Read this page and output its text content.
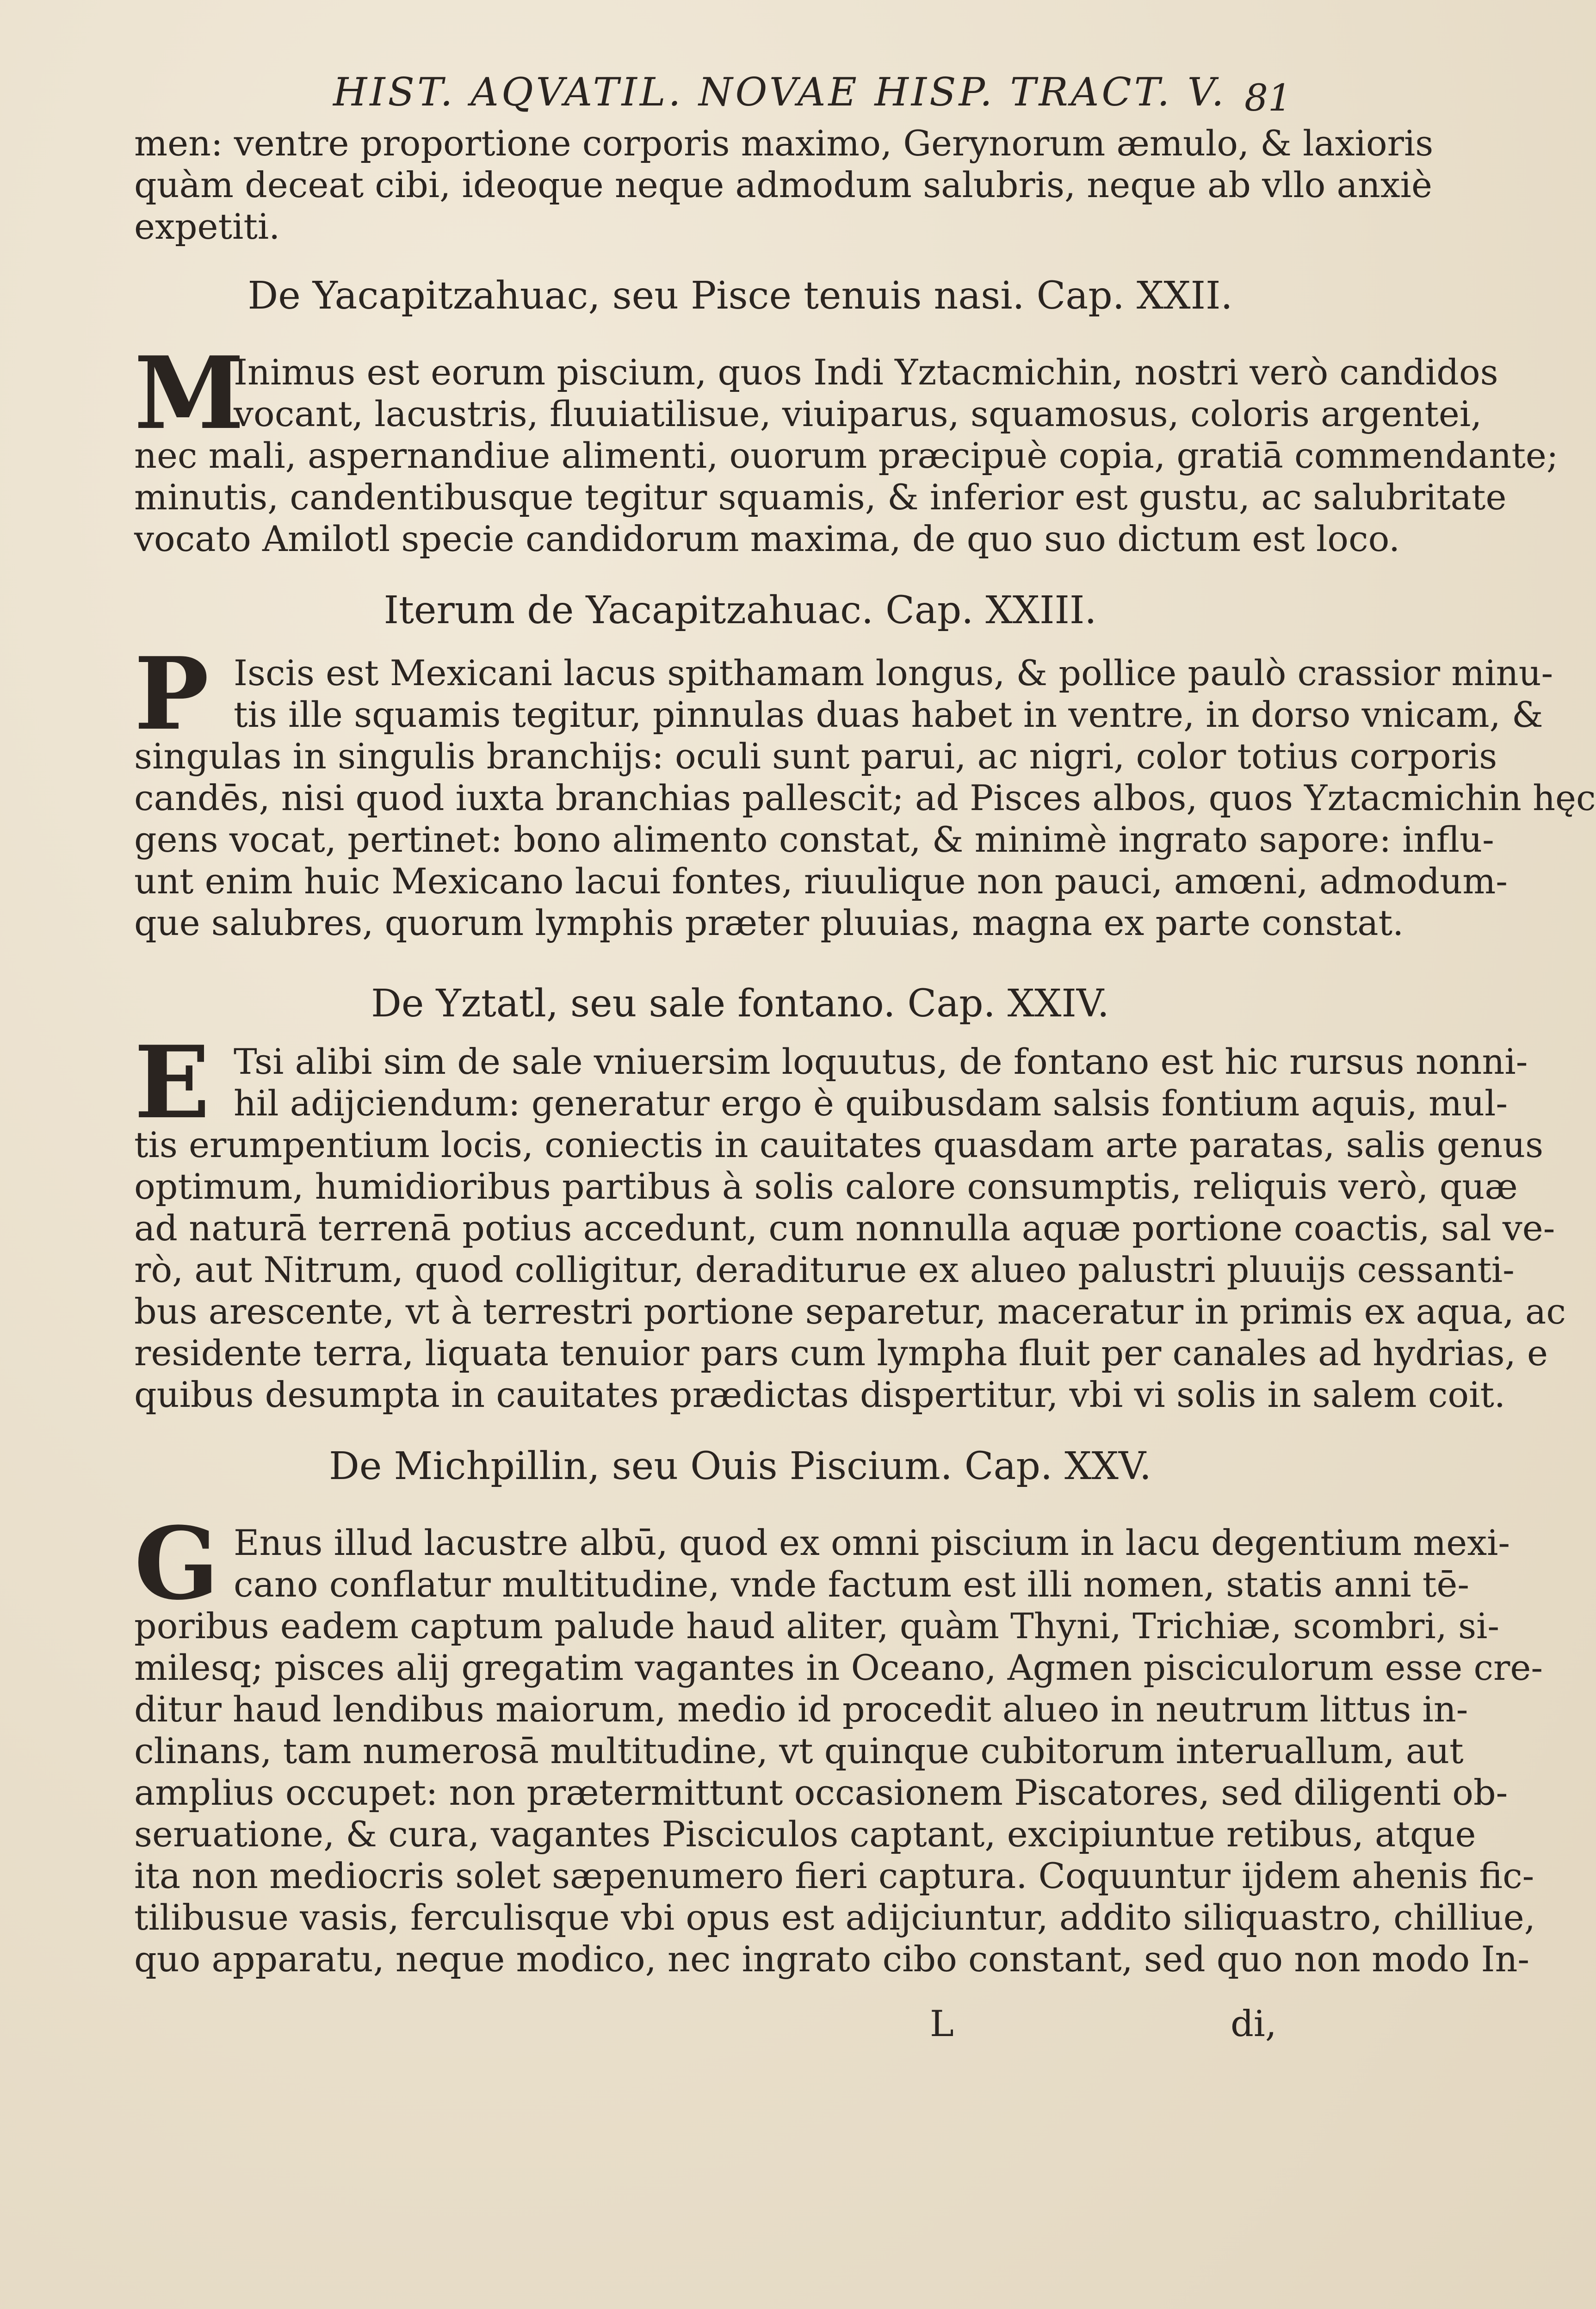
HIST. AQVATIL. NOVAE HISP. TRACT. V. 81
men: ventre proportione corporis maximo, Gerynorum æmulo, & laxioris
quàm deceat cibi, ideoque neque admodum salubris, neque ab vllo anxiè
expetiti.
De Yacapitzahuac, seu Pisce tenuis nasi. Cap. XXII.
M
Inimus est eorum piscium, quos Indi Yztacmichin, nostri verò candidos
vocant, lacustris, fluuiatilisue, viuiparus, squamosus, coloris argentei,
nec mali, aspernandiue alimenti, ouorum præcipuè copia, gratiā commendante;
minutis, candentibusque tegitur squamis, & inferior est gustu, ac salubritate
vocato Amilotl specie candidorum maxima, de quo suo dictum est loco.
Iterum de Yacapitzahuac. Cap. XXIII.
P Iscis est Mexicani lacus spithamam longus, & pollice paulò crassior minu-
tis ille squamis tegitur, pinnulas duas habet in ventre, in dorso vnicam, &
singulas in singulis branchijs: oculi sunt parui, ac nigri, color totius corporis
candēs, nisi quod iuxta branchias pallescit; ad Pisces albos, quos Yztacmichin hęc
gens vocat, pertinet: bono alimento constat, & minimè ingrato sapore: influ-
unt enim huic Mexicano lacui fontes, riuulique non pauci, amœni, admodum-
que salubres, quorum lymphis præter pluuias, magna ex parte constat.
De Yztatl, seu sale fontano. Cap. XXIV.
E Tsi alibi sim de sale vniuersim loquutus, de fontano est hic rursus nonni-
hil adijciendum: generatur ergo è quibusdam salsis fontium aquis, mul-
tis erumpentium locis, coniectis in cauitates quasdam arte paratas, salis genus
optimum, humidioribus partibus à solis calore consumptis, reliquis verò, quæ
ad naturā terrenā potius accedunt, cum nonnulla aquæ portione coactis, sal ve-
rò, aut Nitrum, quod colligitur, deraditurue ex alueo palustri pluuijs cessanti-
bus arescente, vt à terrestri portione separetur, maceratur in primis ex aqua, ac
residente terra, liquata tenuior pars cum lympha fluit per canales ad hydrias, e
quibus desumpta in cauitates prædictas dispertitur, vbi vi solis in salem coit.
De Michpillin, seu Ouis Piscium. Cap. XXV.
G Enus illud lacustre albū, quod ex omni piscium in lacu degentium mexi-
cano conflatur multitudine, vnde factum est illi nomen, statis anni tē-
poribus eadem captum palude haud aliter, quàm Thyni, Trichiæ, scombri, si-
milesq; pisces alij gregatim vagantes in Oceano, Agmen pisciculorum esse cre-
ditur haud lendibus maiorum, medio id procedit alueo in neutrum littus in-
clinans, tam numerosā multitudine, vt quinque cubitorum interuallum, aut
amplius occupet: non prætermittunt occasionem Piscatores, sed diligenti ob-
seruatione, & cura, vagantes Pisciculos captant, excipiuntue retibus, atque
ita non mediocris solet sæpenumero fieri captura. Coquuntur ijdem ahenis fic-
tilibusue vasis, ferculisque vbi opus est adijciuntur, addito siliquastro, chilliue,
quo apparatu, neque modico, nec ingrato cibo constant, sed quo non modo In-
L	di,
